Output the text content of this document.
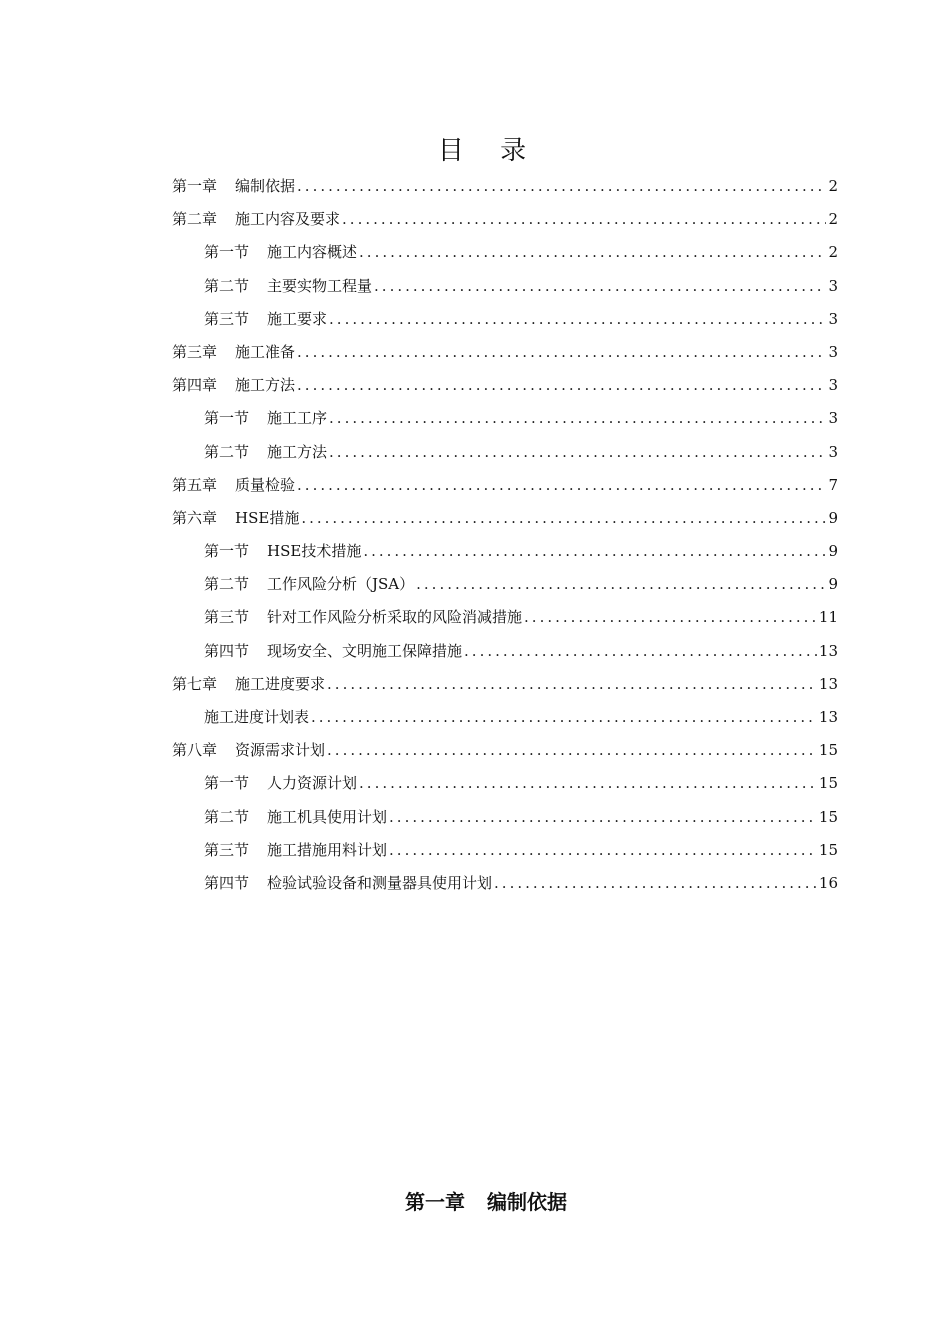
目 录
第一章 编制依据 .....	2
第二章 施工内容及要求 .....	2
第一节 施工内容概述 .....	2
第二节 主要实物工程量 .....	3
第三节 施工要求 .....	3
第三章 施工准备 .....	3
第四章 施工方法 .....	3
第一节 施工工序 .....	3
第二节 施工方法 .....	3
第五章 质量检验 .....	7
第六章 HSE措施 .....	9
第一节 HSE技术措施 .....	9
第二节 工作风险分析（JSA） .....	9
第三节 针对工作风险分析采取的风险消减措施 .....	11
第四节 现场安全、文明施工保障措施 .....	13
第七章 施工进度要求 .....	13
施工进度计划表 .....	13
第八章 资源需求计划 .....	15
第一节 人力资源计划 .....	15
第二节 施工机具使用计划 .....	15
第三节 施工措施用料计划 .....	15
第四节 检验试验设备和测量器具使用计划 .....	16
第一章 编制依据
